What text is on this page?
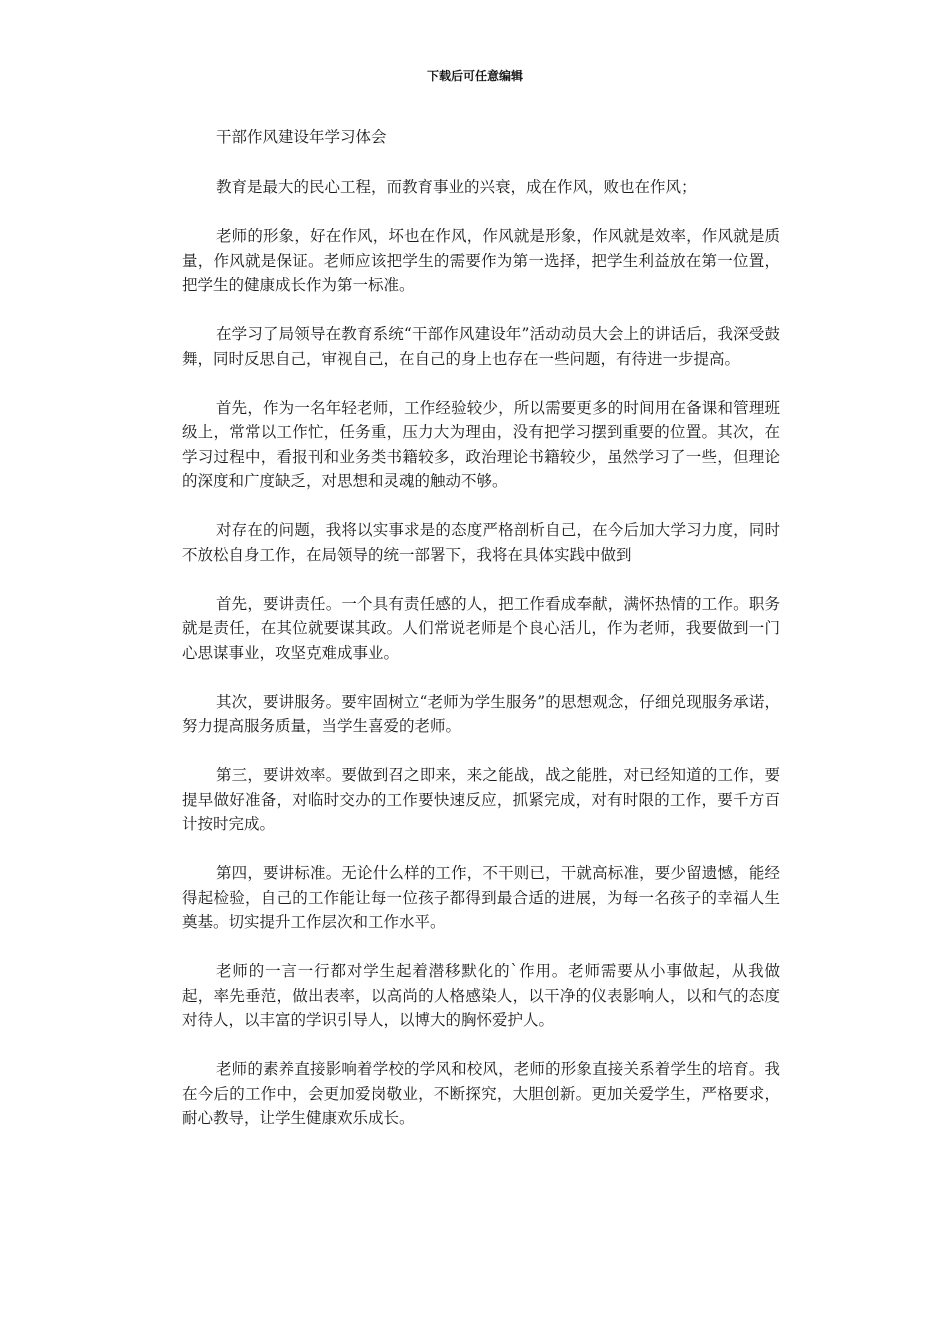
下载后可任意编辑
干部作风建设年学习体会

教育是最大的民心工程，而教育事业的兴衰，成在作风，败也在作风；

老师的形象，好在作风，坏也在作风，作风就是形象，作风就是效率，作风就是质量，作风就是保证。老师应该把学生的需要作为第一选择，把学生利益放在第一位置，把学生的健康成长作为第一标准。

在学习了局领导在教育系统“干部作风建设年”活动动员大会上的讲话后，我深受鼓舞，同时反思自己，审视自己，在自己的身上也存在一些问题，有待进一步提高。

首先，作为一名年轻老师，工作经验较少，所以需要更多的时间用在备课和管理班级上，常常以工作忙，任务重，压力大为理由，没有把学习摆到重要的位置。其次，在学习过程中，看报刊和业务类书籍较多，政治理论书籍较少，虽然学习了一些，但理论的深度和广度缺乏，对思想和灵魂的触动不够。

对存在的问题，我将以实事求是的态度严格剖析自己，在今后加大学习力度，同时不放松自身工作，在局领导的统一部署下，我将在具体实践中做到

首先，要讲责任。一个具有责任感的人，把工作看成奉献，满怀热情的工作。职务就是责任，在其位就要谋其政。人们常说老师是个良心活儿，作为老师，我要做到一门心思谋事业，攻坚克难成事业。

其次，要讲服务。要牢固树立“老师为学生服务”的思想观念，仔细兑现服务承诺，努力提高服务质量，当学生喜爱的老师。

第三，要讲效率。要做到召之即来，来之能战，战之能胜，对已经知道的工作，要提早做好准备，对临时交办的工作要快速反应，抓紧完成，对有时限的工作，要千方百计按时完成。

第四，要讲标准。无论什么样的工作，不干则已，干就高标准，要少留遗憾，能经得起检验，自己的工作能让每一位孩子都得到最合适的进展，为每一名孩子的幸福人生奠基。切实提升工作层次和工作水平。

老师的一言一行都对学生起着潜移默化的`作用。老师需要从小事做起，从我做起，率先垂范，做出表率，以高尚的人格感染人，以干净的仪表影响人，以和气的态度对待人，以丰富的学识引导人，以博大的胸怀爱护人。

老师的素养直接影响着学校的学风和校风，老师的形象直接关系着学生的培育。我在今后的工作中，会更加爱岗敬业，不断探究，大胆创新。更加关爱学生，严格要求，耐心教导，让学生健康欢乐成长。
